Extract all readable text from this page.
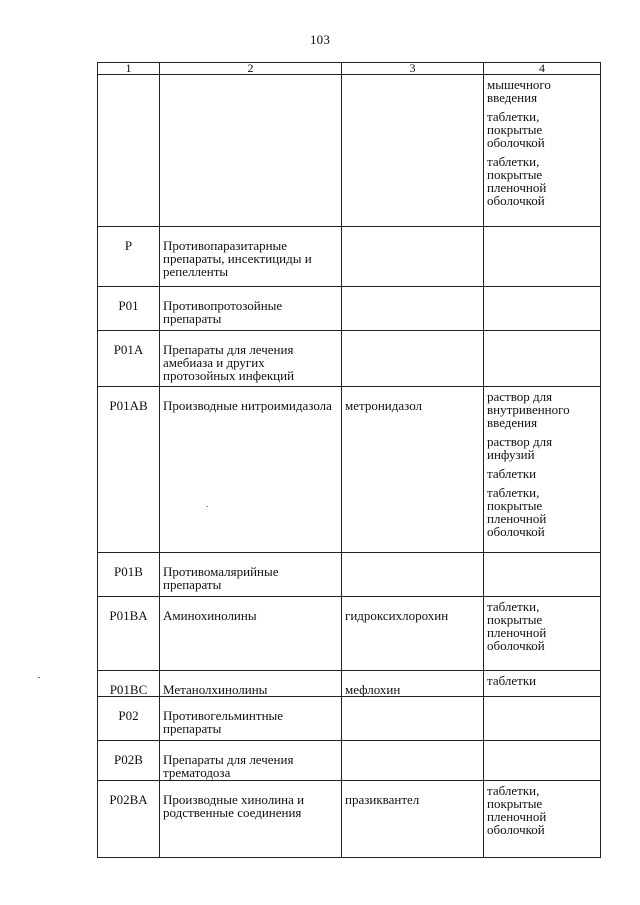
103
1	2	3	4

			мышечного введения
таблетки, покрытые оболочкой
таблетки, покрытые пленочной оболочкой

P	Противопаразитарные препараты, инсектициды и репелленты		
P01	Противопротозойные препараты		
P01A	Препараты для лечения амебиаза и других протозойных инфекций		
P01AB	Производные нитроимидазола	метронидазол	раствор для внутривенного введения
раствор для инфузий
таблетки
таблетки, покрытые пленочной оболочкой

P01B	Противомалярийные препараты		
P01BA	Аминохинолины	гидроксихлорохин	таблетки, покрытые пленочной оболочкой

P01BC	Метанолхинолины	мефлохин	таблетки

P02	Противогельминтные препараты		
P02B	Препараты для лечения трематодоза		
P02BA	Производные хинолина и родственные соединения	празиквантел	таблетки, покрытые пленочной оболочкой
